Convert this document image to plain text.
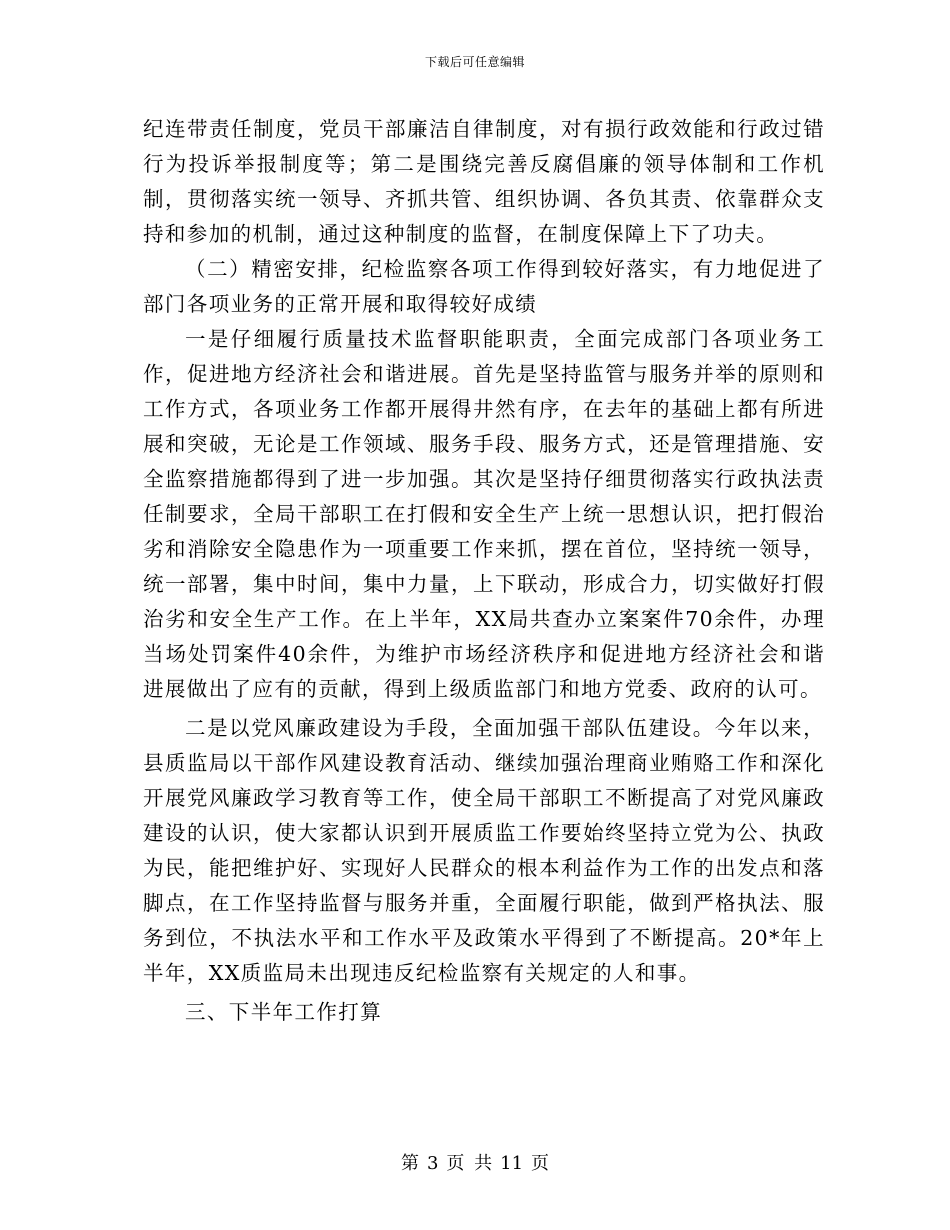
下载后可任意编辑

纪连带责任制度，党员干部廉洁自律制度，对有损行政效能和行政过错行为投诉举报制度等；第二是围绕完善反腐倡廉的领导体制和工作机制，贯彻落实统一领导、齐抓共管、组织协调、各负其责、依靠群众支持和参加的机制，通过这种制度的监督，在制度保障上下了功夫。

（二）精密安排，纪检监察各项工作得到较好落实，有力地促进了部门各项业务的正常开展和取得较好成绩

一是仔细履行质量技术监督职能职责，全面完成部门各项业务工作，促进地方经济社会和谐进展。首先是坚持监管与服务并举的原则和工作方式，各项业务工作都开展得井然有序，在去年的基础上都有所进展和突破，无论是工作领域、服务手段、服务方式，还是管理措施、安全监察措施都得到了进一步加强。其次是坚持仔细贯彻落实行政执法责任制要求，全局干部职工在打假和安全生产上统一思想认识，把打假治劣和消除安全隐患作为一项重要工作来抓，摆在首位，坚持统一领导，统一部署，集中时间，集中力量，上下联动，形成合力，切实做好打假治劣和安全生产工作。在上半年，XX局共查办立案案件70余件，办理当场处罚案件40余件，为维护市场经济秩序和促进地方经济社会和谐进展做出了应有的贡献，得到上级质监部门和地方党委、政府的认可。

二是以党风廉政建设为手段，全面加强干部队伍建设。今年以来，县质监局以干部作风建设教育活动、继续加强治理商业贿赂工作和深化开展党风廉政学习教育等工作，使全局干部职工不断提高了对党风廉政建设的认识，使大家都认识到开展质监工作要始终坚持立党为公、执政为民，能把维护好、实现好人民群众的根本利益作为工作的出发点和落脚点，在工作坚持监督与服务并重，全面履行职能，做到严格执法、服务到位，不执法水平和工作水平及政策水平得到了不断提高。20*年上半年，XX质监局未出现违反纪检监察有关规定的人和事。

三、下半年工作打算

第 3 页 共 11 页
